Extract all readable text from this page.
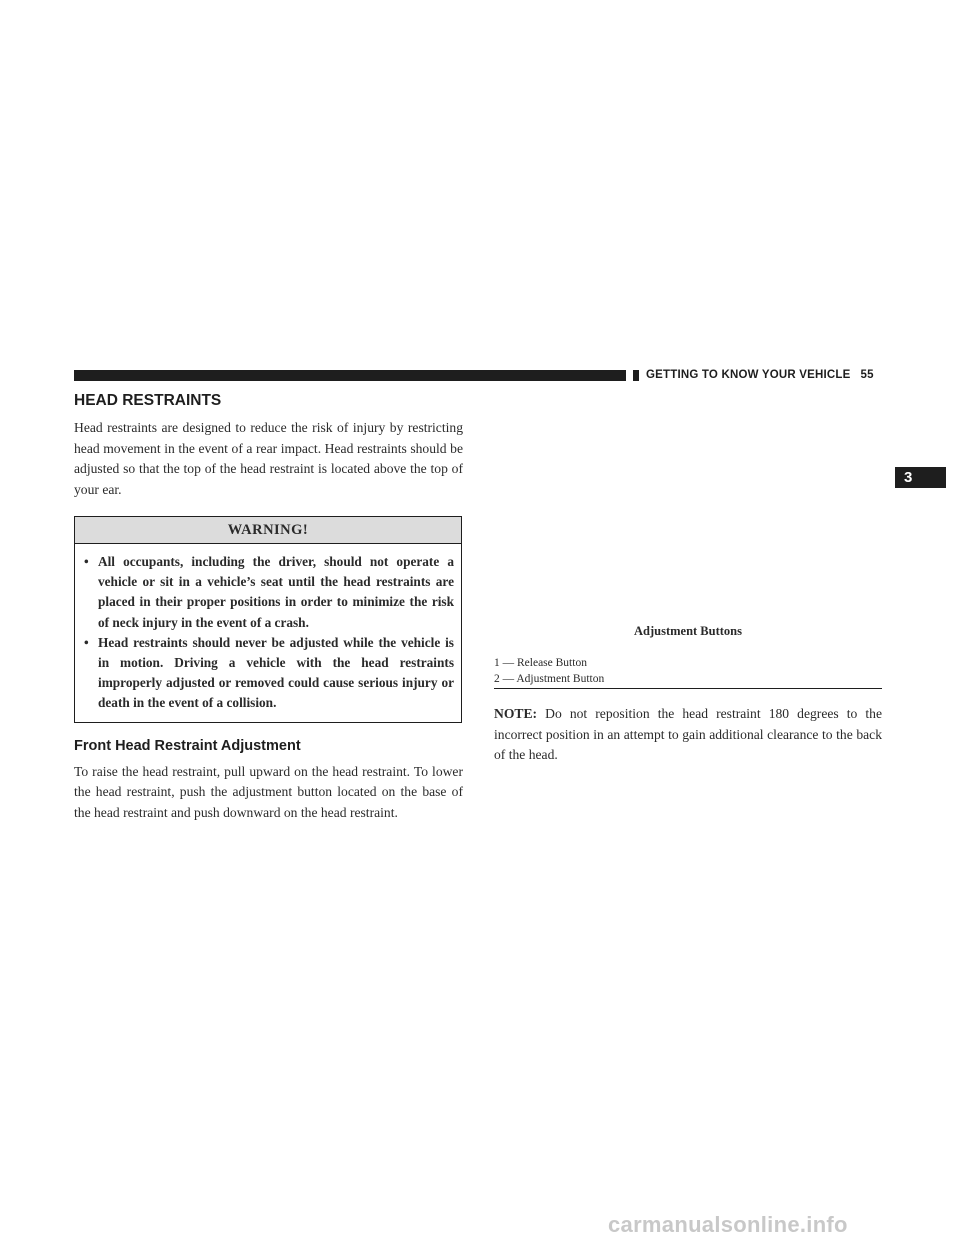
GETTING TO KNOW YOUR VEHICLE 55
3
HEAD RESTRAINTS

Head restraints are designed to reduce the risk of injury by restricting head movement in the event of a rear impact. Head restraints should be adjusted so that the top of the head restraint is located above the top of your ear.

WARNING!
• All occupants, including the driver, should not operate a vehicle or sit in a vehicle’s seat until the head restraints are placed in their proper positions in order to minimize the risk of neck injury in the event of a crash.
• Head restraints should never be adjusted while the vehicle is in motion. Driving a vehicle with the head restraints improperly adjusted or removed could cause serious injury or death in the event of a collision.
Front Head Restraint Adjustment

To raise the head restraint, pull upward on the head restraint. To lower the head restraint, push the adjustment button located on the base of the head restraint and push downward on the head restraint.

Adjustment Buttons
1 — Release Button
2 — Adjustment Button

NOTE: Do not reposition the head restraint 180 degrees to the incorrect position in an attempt to gain additional clearance to the back of the head.

carmanualsonline.info
